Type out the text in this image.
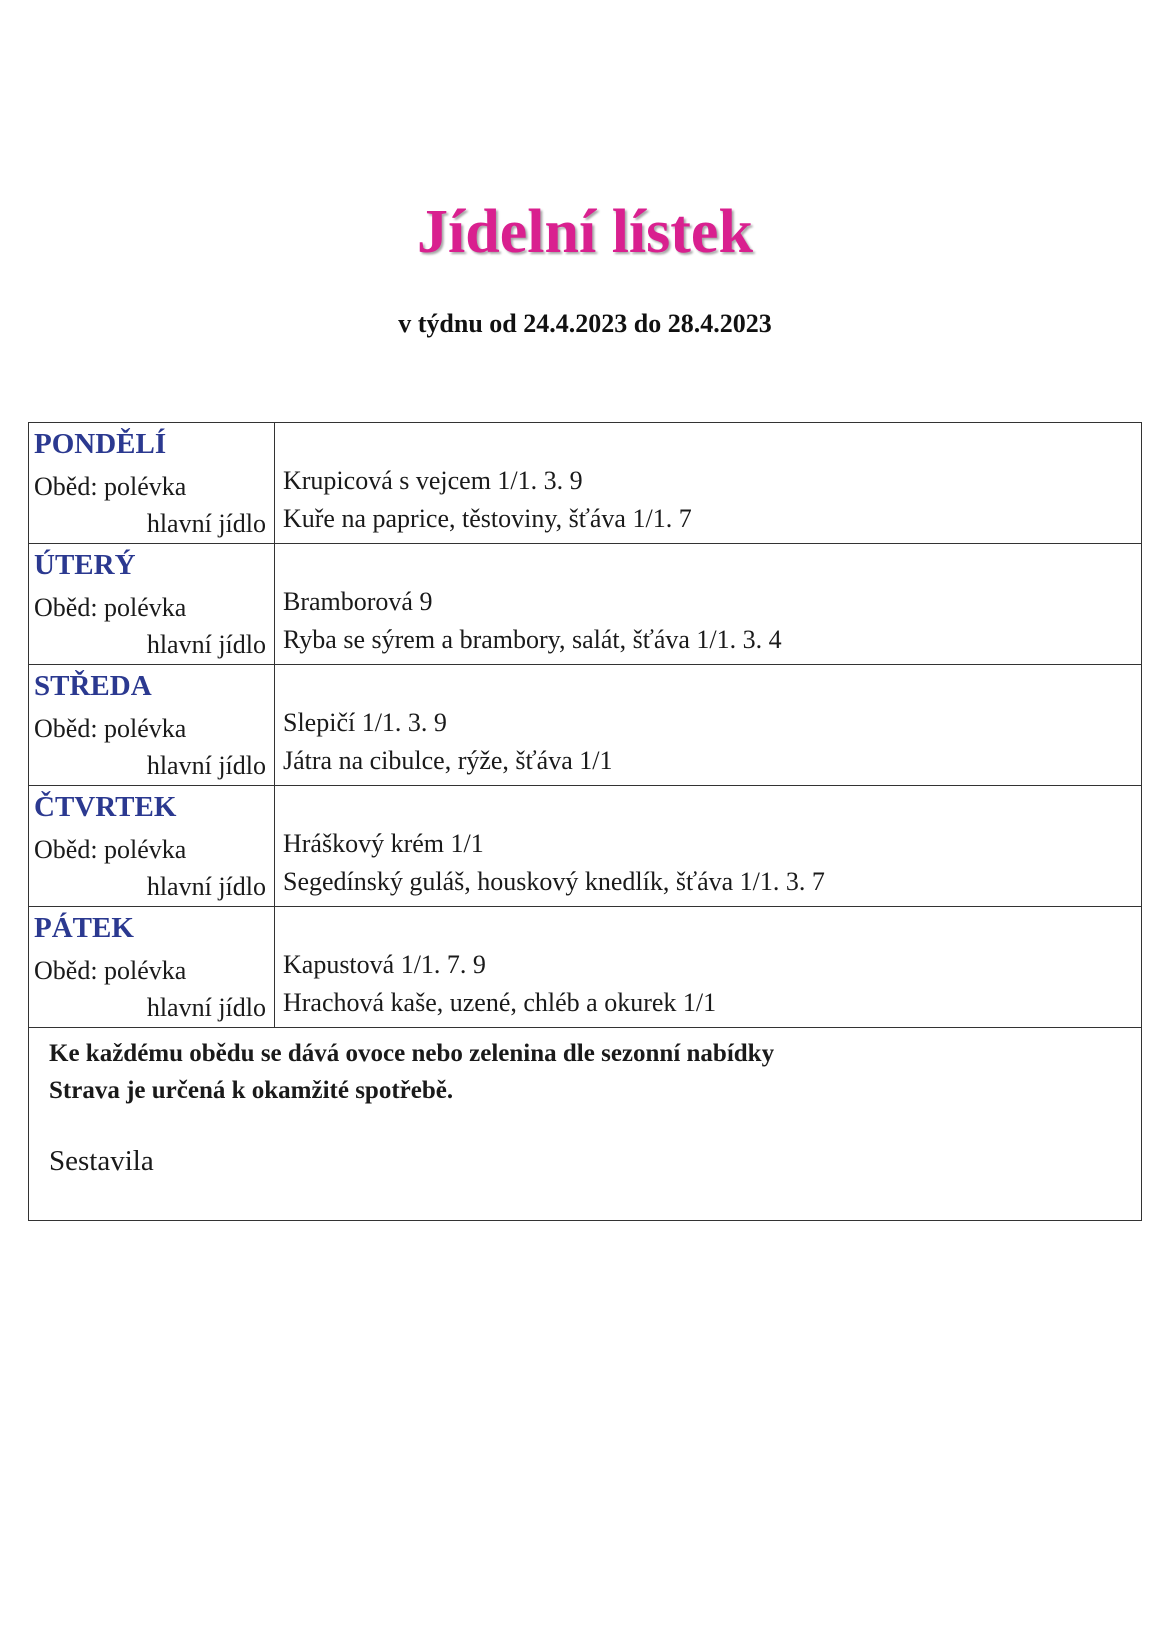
Jídelní lístek
v týdnu od 24.4.2023 do 28.4.2023
PONDĚLÍ
Oběd: polévka
hlavní jídlo
Krupicová s vejcem 1/1. 3. 9
Kuře na paprice, těstoviny, šťáva 1/1. 7
ÚTERÝ
Oběd: polévka
hlavní jídlo
Bramborová 9
Ryba se sýrem a brambory, salát, šťáva 1/1. 3. 4
STŘEDA
Oběd: polévka
hlavní jídlo
Slepičí 1/1. 3. 9
Játra na cibulce, rýže, šťáva 1/1
ČTVRTEK
Oběd: polévka
hlavní jídlo
Hráškový krém 1/1
Segedínský guláš, houskový knedlík, šťáva 1/1. 3. 7
PÁTEK
Oběd: polévka
hlavní jídlo
Kapustová 1/1. 7. 9
Hrachová kaše, uzené, chléb a okurek 1/1
Ke každému obědu se dává ovoce nebo zelenina dle sezonní nabídky
Strava je určená k okamžité spotřebě.
Sestavila
